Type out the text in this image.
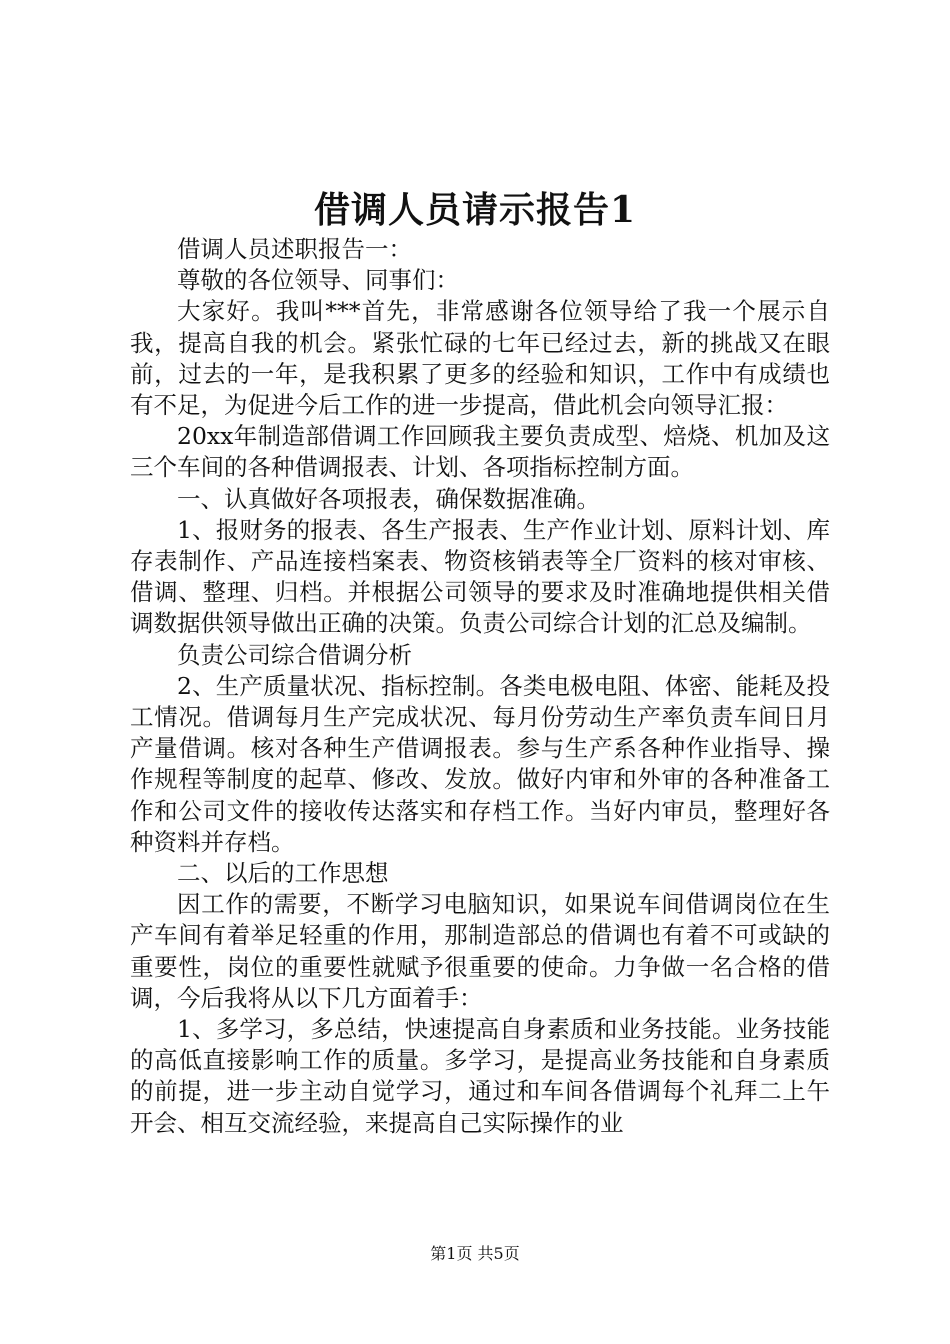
借调人员请示报告1

借调人员述职报告一：

尊敬的各位领导、同事们：

大家好。我叫***首先，非常感谢各位领导给了我一个展示自我，提高自我的机会。紧张忙碌的七年已经过去，新的挑战又在眼前，过去的一年，是我积累了更多的经验和知识，工作中有成绩也有不足，为促进今后工作的进一步提高，借此机会向领导汇报：

20xx年制造部借调工作回顾我主要负责成型、焙烧、机加及这三个车间的各种借调报表、计划、各项指标控制方面。

一、认真做好各项报表，确保数据准确。

1、报财务的报表、各生产报表、生产作业计划、原料计划、库存表制作、产品连接档案表、物资核销表等全厂资料的核对审核、借调、整理、归档。并根据公司领导的要求及时准确地提供相关借调数据供领导做出正确的决策。负责公司综合计划的汇总及编制。

负责公司综合借调分析

2、生产质量状况、指标控制。各类电极电阻、体密、能耗及投工情况。借调每月生产完成状况、每月份劳动生产率负责车间日月产量借调。核对各种生产借调报表。参与生产系各种作业指导、操作规程等制度的起草、修改、发放。做好内审和外审的各种准备工作和公司文件的接收传达落实和存档工作。当好内审员，整理好各种资料并存档。

二、以后的工作思想

因工作的需要，不断学习电脑知识，如果说车间借调岗位在生产车间有着举足轻重的作用，那制造部总的借调也有着不可或缺的重要性，岗位的重要性就赋予很重要的使命。力争做一名合格的借调，今后我将从以下几方面着手：

1、多学习，多总结，快速提高自身素质和业务技能。业务技能的高低直接影响工作的质量。多学习，是提高业务技能和自身素质的前提，进一步主动自觉学习，通过和车间各借调每个礼拜二上午开会、相互交流经验，来提高自己实际操作的业

第1页 共5页
